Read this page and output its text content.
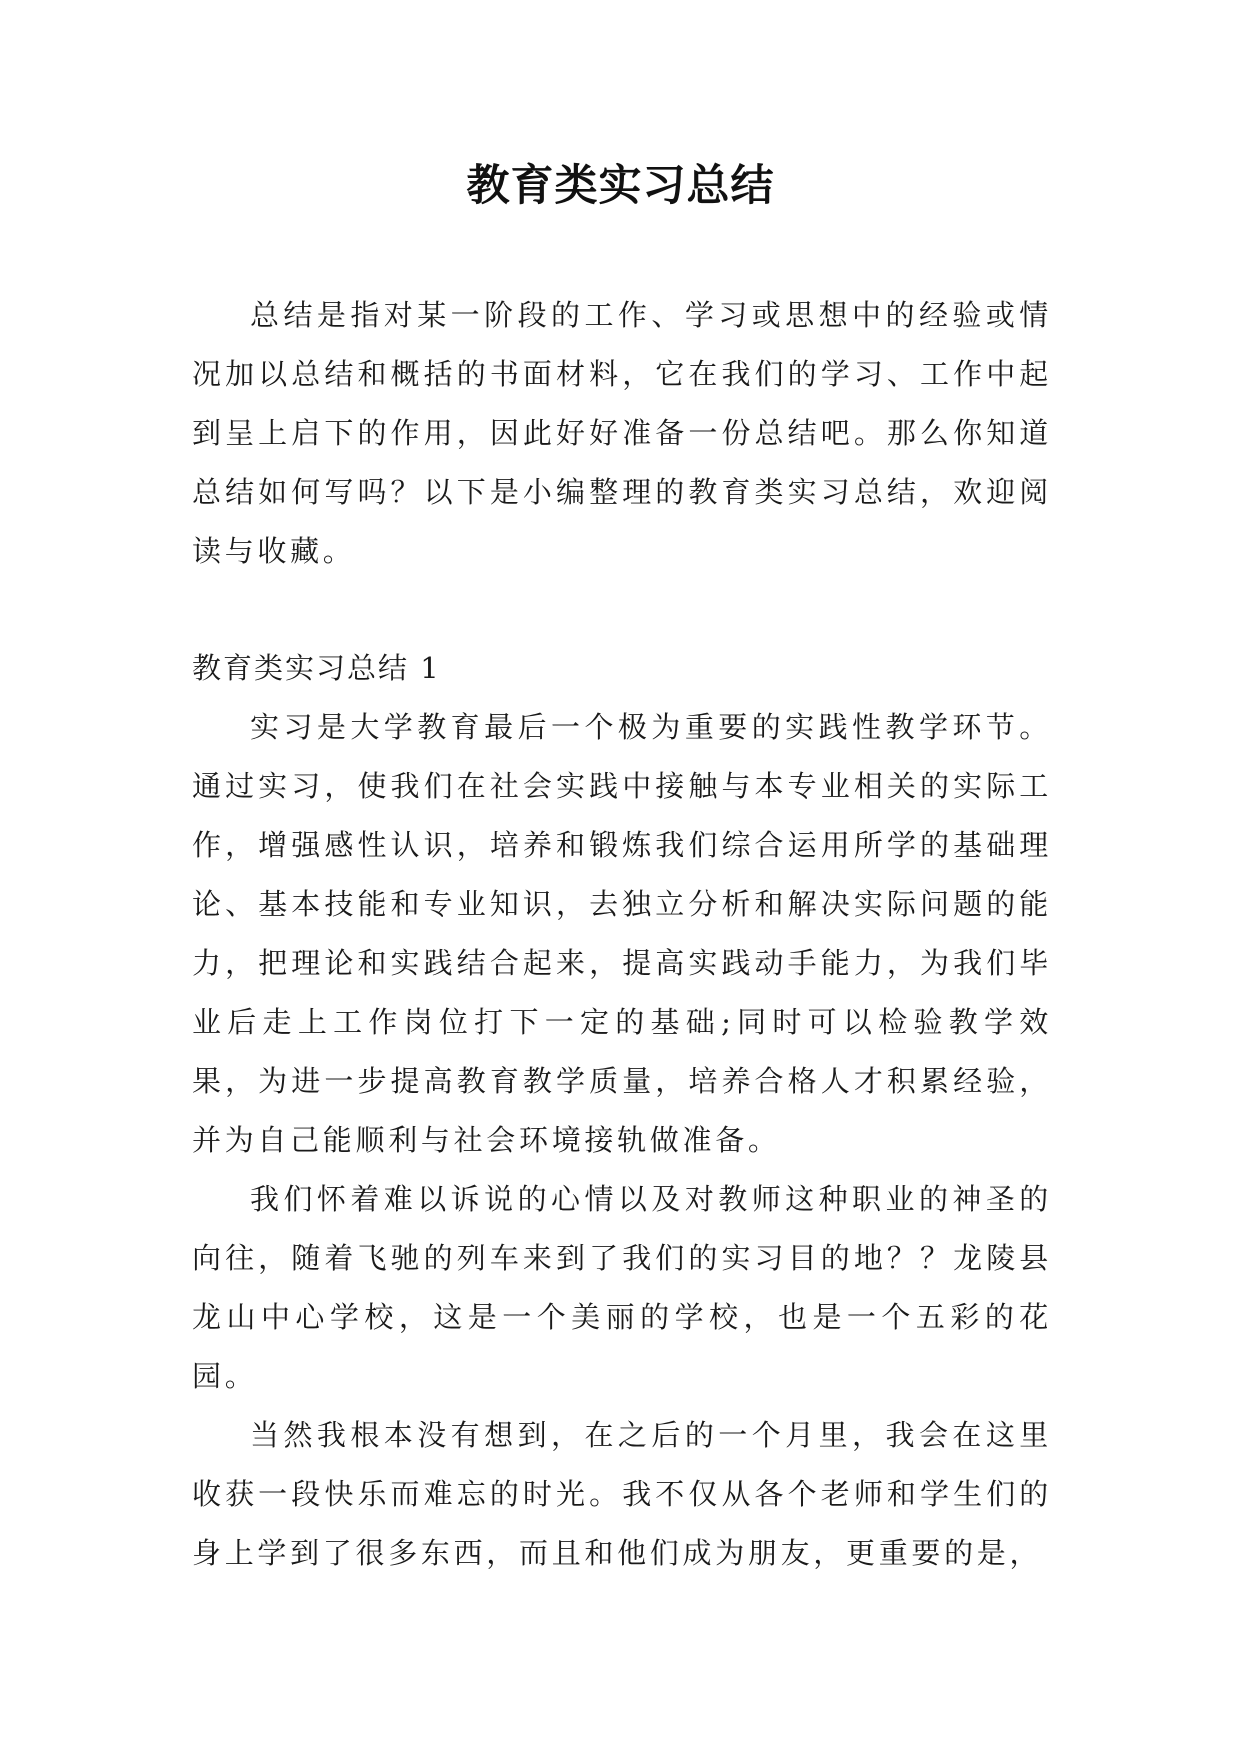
教育类实习总结

总结是指对某一阶段的工作、学习或思想中的经验或情况加以总结和概括的书面材料，它在我们的学习、工作中起到呈上启下的作用，因此好好准备一份总结吧。那么你知道总结如何写吗？以下是小编整理的教育类实习总结，欢迎阅读与收藏。

教育类实习总结 1

实习是大学教育最后一个极为重要的实践性教学环节。通过实习，使我们在社会实践中接触与本专业相关的实际工作，增强感性认识，培养和锻炼我们综合运用所学的基础理论、基本技能和专业知识，去独立分析和解决实际问题的能力，把理论和实践结合起来，提高实践动手能力，为我们毕业后走上工作岗位打下一定的基础;同时可以检验教学效果，为进一步提高教育教学质量，培养合格人才积累经验，并为自己能顺利与社会环境接轨做准备。

我们怀着难以诉说的心情以及对教师这种职业的神圣的向往，随着飞驰的列车来到了我们的实习目的地？？龙陵县龙山中心学校，这是一个美丽的学校，也是一个五彩的花园。

当然我根本没有想到，在之后的一个月里，我会在这里收获一段快乐而难忘的时光。我不仅从各个老师和学生们的身上学到了很多东西，而且和他们成为朋友，更重要的是，
